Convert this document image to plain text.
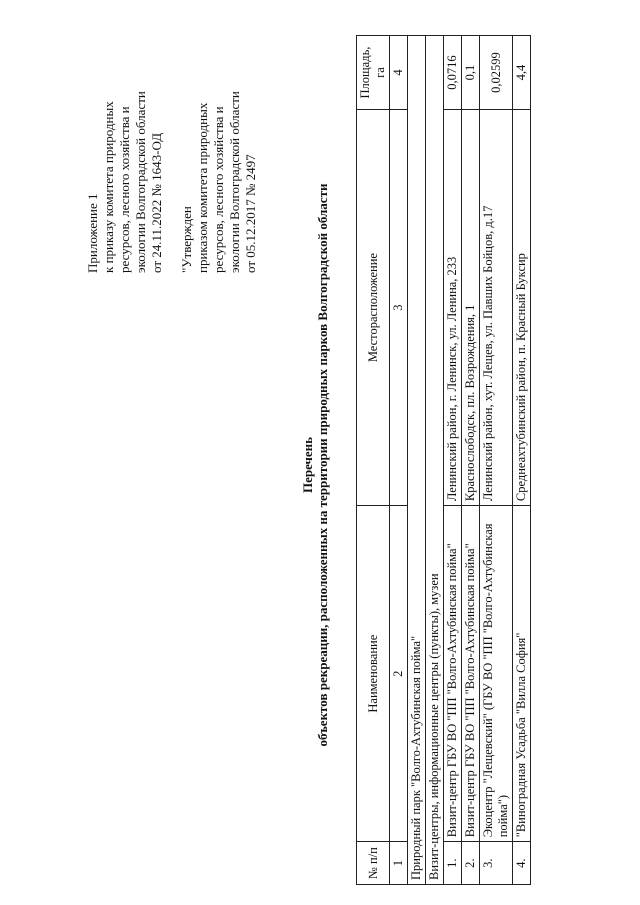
Приложение 1 к приказу комитета природных ресурсов, лесного хозяйства и экологии Волгоградской области от 24.11.2022 № 1643-ОД "Утвержден приказом комитета природных ресурсов, лесного хозяйства и экологии Волгоградской области от 05.12.2017 № 2497
Перечень объектов рекреации, расположенных на территории природных парков Волгоградской области
№ п/п	Наименование	Месторасположение	Площадь, га
1	2	3	4
Природный парк "Волго-Ахтубинская пойма"			
Визит-центры, информационные центры (пункты), музеи			
1.	Визит-центр ГБУ ВО "ПП "Волго-Ахтубинская пойма"	Ленинский район, г. Ленинск, ул. Ленина, 233	0,0716
2.	Визит-центр ГБУ ВО "ПП "Волго-Ахтубинская пойма"	Краснослободск, пл. Возрождения, 1	0,1
3.	Экоцентр "Лещевский" (ГБУ ВО "ПП "Волго-Ахтубинская пойма")	Ленинский район, хут. Лещев, ул. Павших Бойцов, д.17	0,02599
4.	"Виноградная Усадьба "Вилла София"	Среднеахтубинский район, п. Красный Буксир	4,4
